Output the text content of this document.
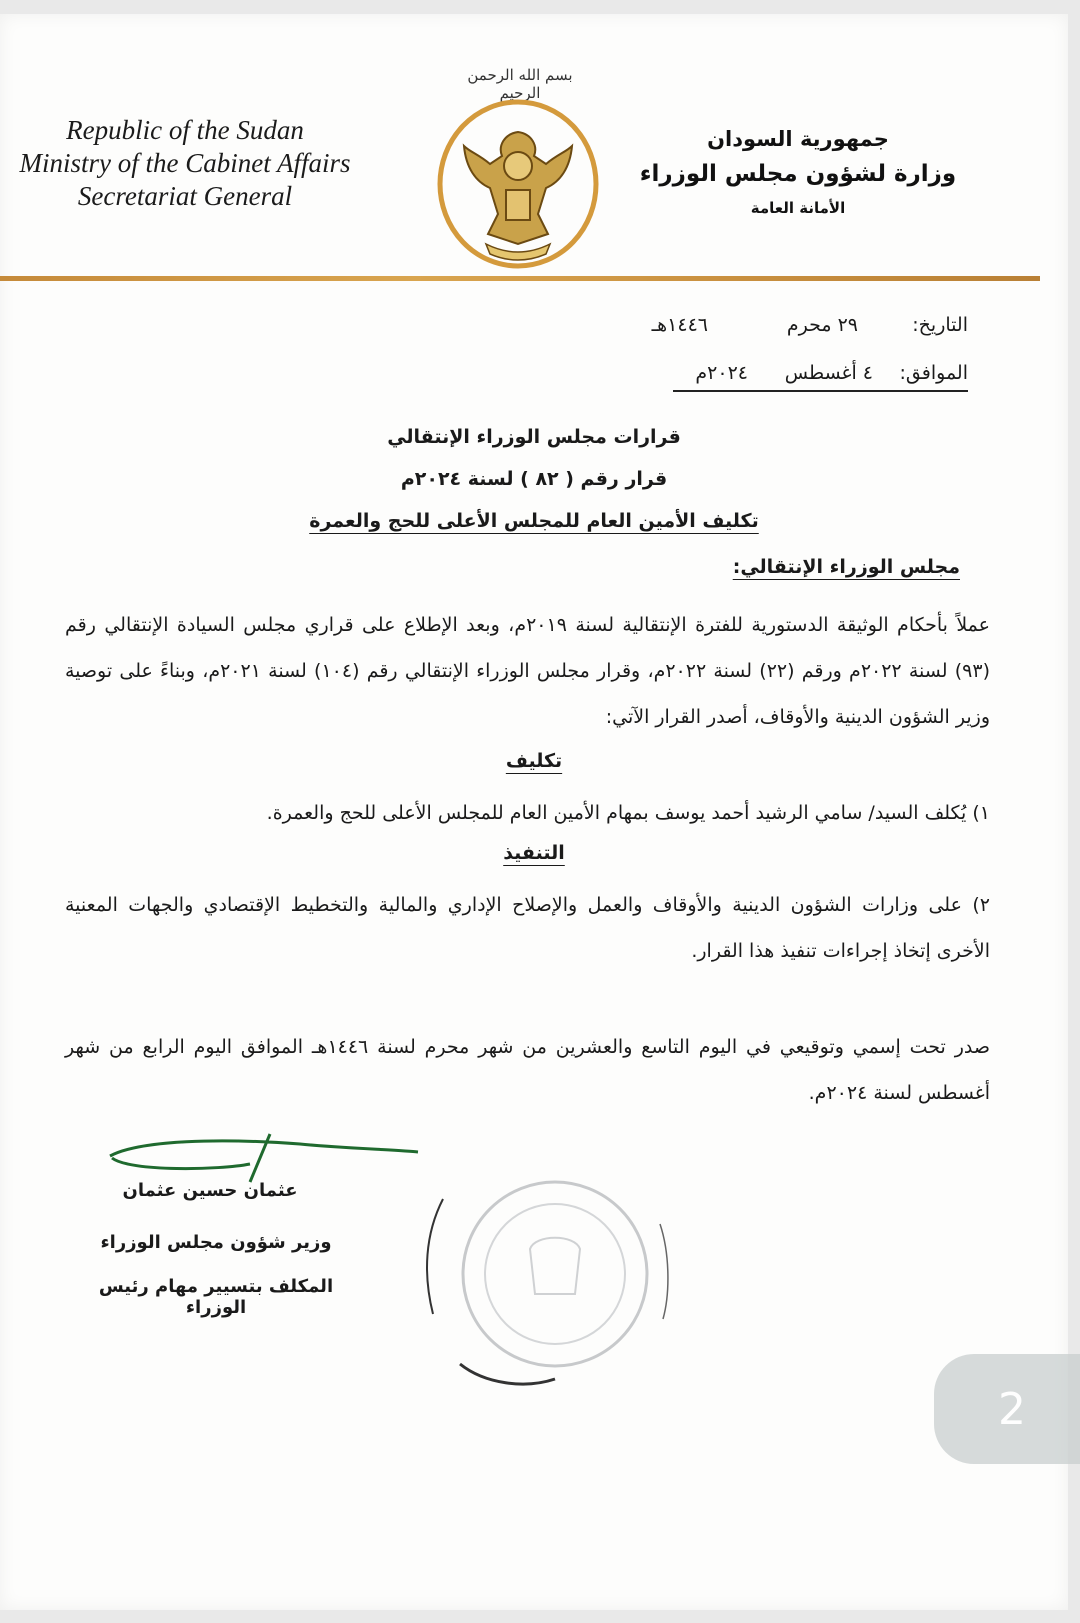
Republic of the Sudan
Ministry of the Cabinet Affairs
Secretariat General
بسم الله الرحمن الرحيم
جمهورية السودان
وزارة لشؤون مجلس الوزراء
الأمانة العامة
التاريخ:
٢٩ محرم
١٤٤٦هـ
الموافق:
٤ أغسطس
٢٠٢٤م
قرارات مجلس الوزراء الإنتقالي
قرار رقم ( ٨٢ ) لسنة ٢٠٢٤م
تكليف الأمين العام للمجلس الأعلى للحج والعمرة
مجلس الوزراء الإنتقالي:
عملاً بأحكام الوثيقة الدستورية للفترة الإنتقالية لسنة ٢٠١٩م، وبعد الإطلاع على قراري مجلس السيادة الإنتقالي رقم (٩٣) لسنة ٢٠٢٢م ورقم (٢٢) لسنة ٢٠٢٢م، وقرار مجلس الوزراء الإنتقالي رقم (١٠٤) لسنة ٢٠٢١م، وبناءً على توصية وزير الشؤون الدينية والأوقاف، أصدر القرار الآتي:
تكليف
١) يُكلف السيد/ سامي الرشيد أحمد يوسف بمهام الأمين العام للمجلس الأعلى للحج والعمرة.
التنفيذ
٢) على وزارات الشؤون الدينية والأوقاف والعمل والإصلاح الإداري والمالية والتخطيط الإقتصادي والجهات المعنية الأخرى إتخاذ إجراءات تنفيذ هذا القرار.
صدر تحت إسمي وتوقيعي في اليوم التاسع والعشرين من شهر محرم لسنة ١٤٤٦هـ الموافق اليوم الرابع من شهر أغسطس لسنة ٢٠٢٤م.
عثمان حسين عثمان
وزير شؤون مجلس الوزراء
المكلف بتسيير مهام رئيس الوزراء
2
